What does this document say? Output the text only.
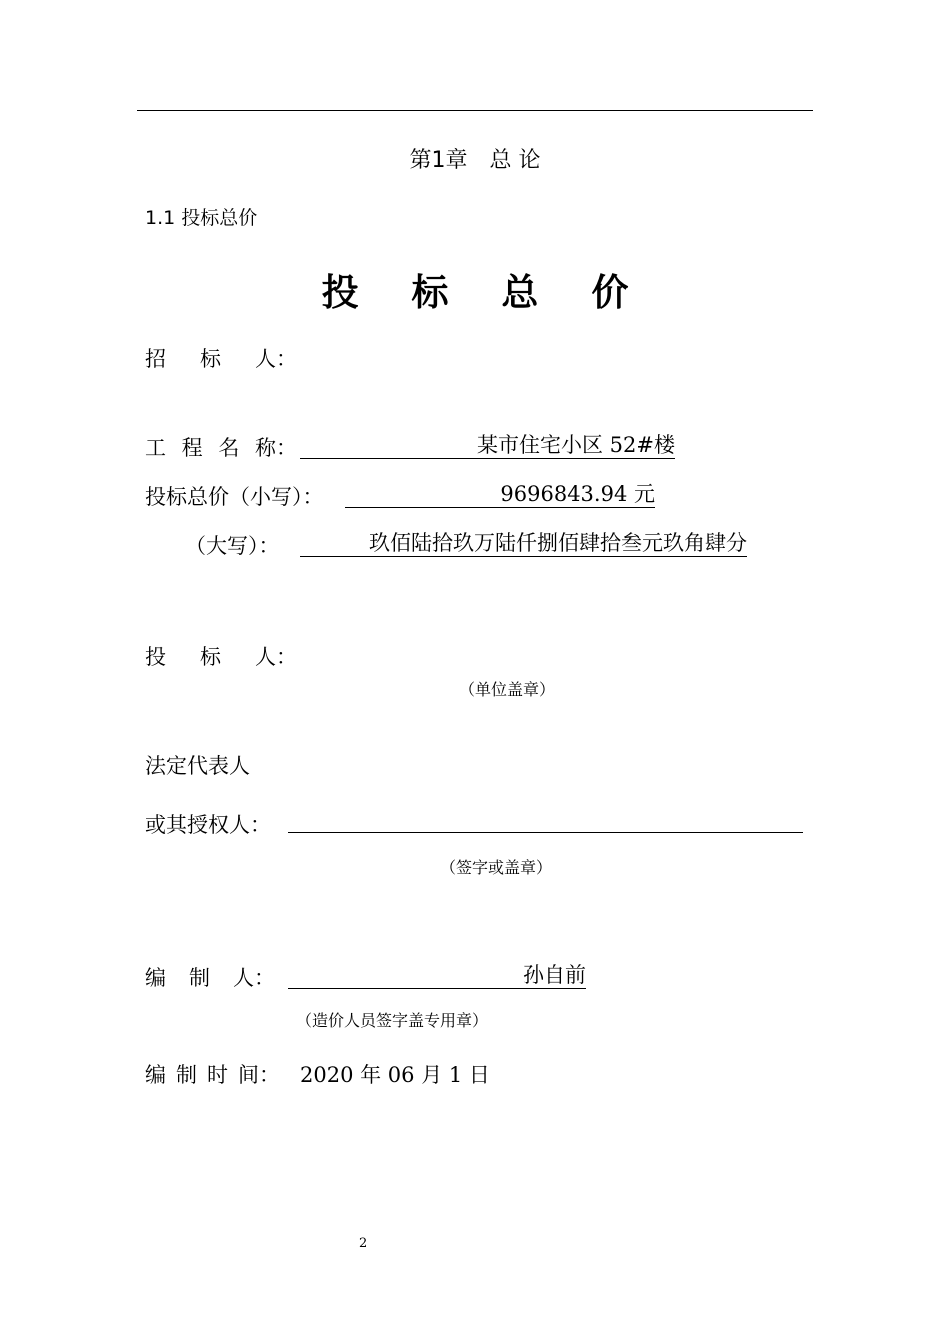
第1章 总 论
1.1 投标总价
投 标 总 价
招 标 人：
工 程 名 称：	某市住宅小区 52#楼
投标总价（小写）：	9696843.94 元
（大写）：	玖佰陆拾玖万陆仟捌佰肆拾叁元玖角肆分
投 标 人：
（单位盖章）
法定代表人
或其授权人：
（签字或盖章）
编 制 人：	孙自前
（造价人员签字盖专用章）
编 制 时 间： 2020 年 06 月 1 日
2
